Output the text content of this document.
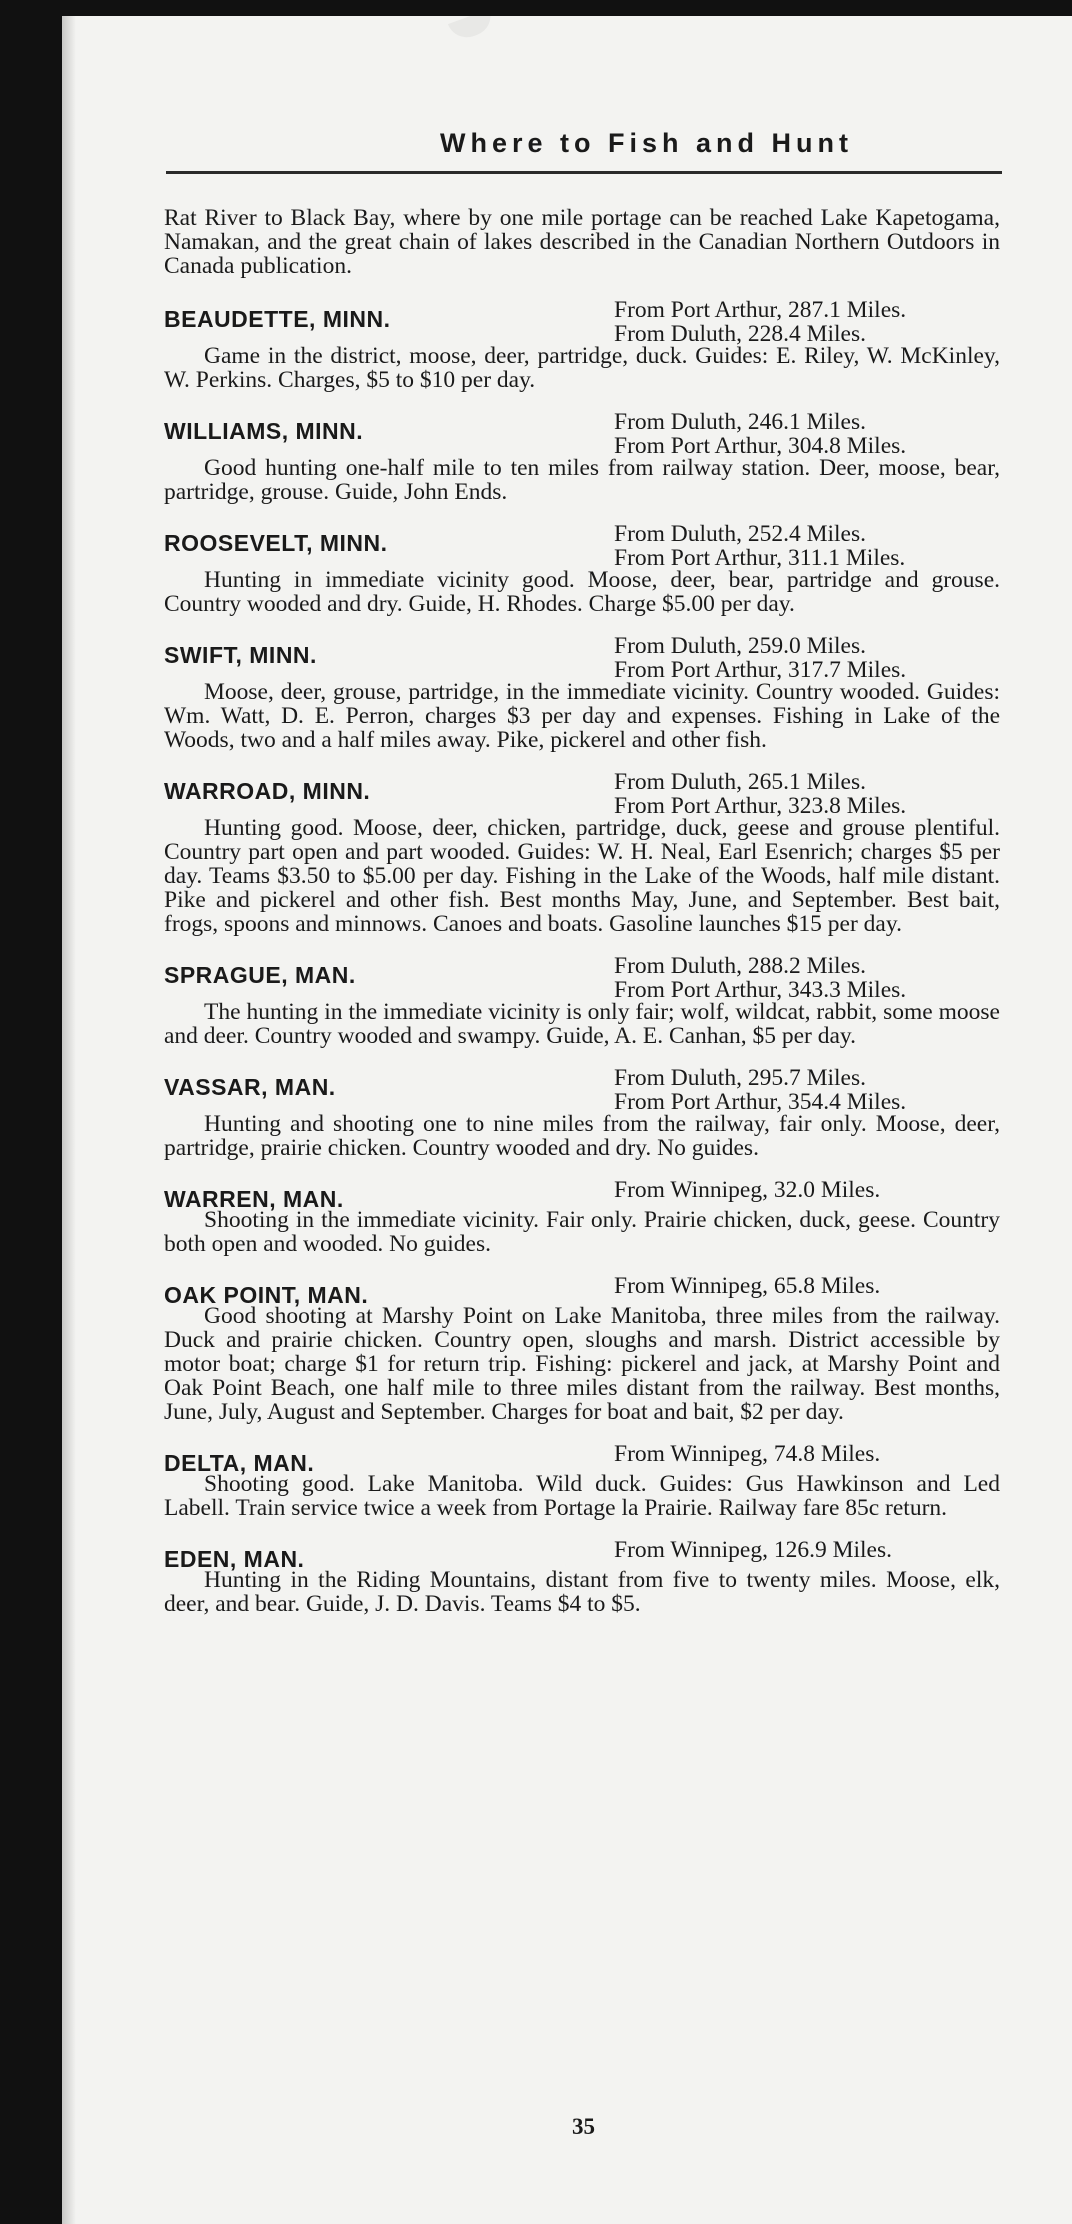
Where to Fish and Hunt

Rat River to Black Bay, where by one mile portage can be reached Lake Kapetogama, Namakan, and the great chain of lakes described in the Canadian Northern Outdoors in Canada publication.

BEAUDETTE, MINN.	From Port Arthur, 287.1 Miles.
From Duluth, 228.4 Miles.

Game in the district, moose, deer, partridge, duck. Guides: E. Riley, W. McKinley, W. Perkins. Charges, $5 to $10 per day.

WILLIAMS, MINN.	From Duluth, 246.1 Miles.
From Port Arthur, 304.8 Miles.

Good hunting one-half mile to ten miles from railway station. Deer, moose, bear, partridge, grouse. Guide, John Ends.

ROOSEVELT, MINN.	From Duluth, 252.4 Miles.
From Port Arthur, 311.1 Miles.

Hunting in immediate vicinity good. Moose, deer, bear, partridge and grouse. Country wooded and dry. Guide, H. Rhodes. Charge $5.00 per day.

SWIFT, MINN.	From Duluth, 259.0 Miles.
From Port Arthur, 317.7 Miles.

Moose, deer, grouse, partridge, in the immediate vicinity. Country wooded. Guides: Wm. Watt, D. E. Perron, charges $3 per day and expenses. Fishing in Lake of the Woods, two and a half miles away. Pike, pickerel and other fish.

WARROAD, MINN.	From Duluth, 265.1 Miles.
From Port Arthur, 323.8 Miles.

Hunting good. Moose, deer, chicken, partridge, duck, geese and grouse plentiful. Country part open and part wooded. Guides: W. H. Neal, Earl Esenrich; charges $5 per day. Teams $3.50 to $5.00 per day. Fishing in the Lake of the Woods, half mile distant. Pike and pickerel and other fish. Best months May, June, and September. Best bait, frogs, spoons and minnows. Canoes and boats. Gasoline launches $15 per day.

SPRAGUE, MAN.	From Duluth, 288.2 Miles.
From Port Arthur, 343.3 Miles.

The hunting in the immediate vicinity is only fair; wolf, wildcat, rabbit, some moose and deer. Country wooded and swampy. Guide, A. E. Canhan, $5 per day.

VASSAR, MAN.	From Duluth, 295.7 Miles.
From Port Arthur, 354.4 Miles.

Hunting and shooting one to nine miles from the railway, fair only. Moose, deer, partridge, prairie chicken. Country wooded and dry. No guides.

WARREN, MAN.	From Winnipeg, 32.0 Miles.

Shooting in the immediate vicinity. Fair only. Prairie chicken, duck, geese. Country both open and wooded. No guides.

OAK POINT, MAN.	From Winnipeg, 65.8 Miles.

Good shooting at Marshy Point on Lake Manitoba, three miles from the railway. Duck and prairie chicken. Country open, sloughs and marsh. District accessible by motor boat; charge $1 for return trip. Fishing: pickerel and jack, at Marshy Point and Oak Point Beach, one half mile to three miles distant from the railway. Best months, June, July, August and September. Charges for boat and bait, $2 per day.

DELTA, MAN.	From Winnipeg, 74.8 Miles.

Shooting good. Lake Manitoba. Wild duck. Guides: Gus Hawkinson and Led Labell. Train service twice a week from Portage la Prairie. Railway fare 85c return.

EDEN, MAN.	From Winnipeg, 126.9 Miles.

Hunting in the Riding Mountains, distant from five to twenty miles. Moose, elk, deer, and bear. Guide, J. D. Davis. Teams $4 to $5.

35
